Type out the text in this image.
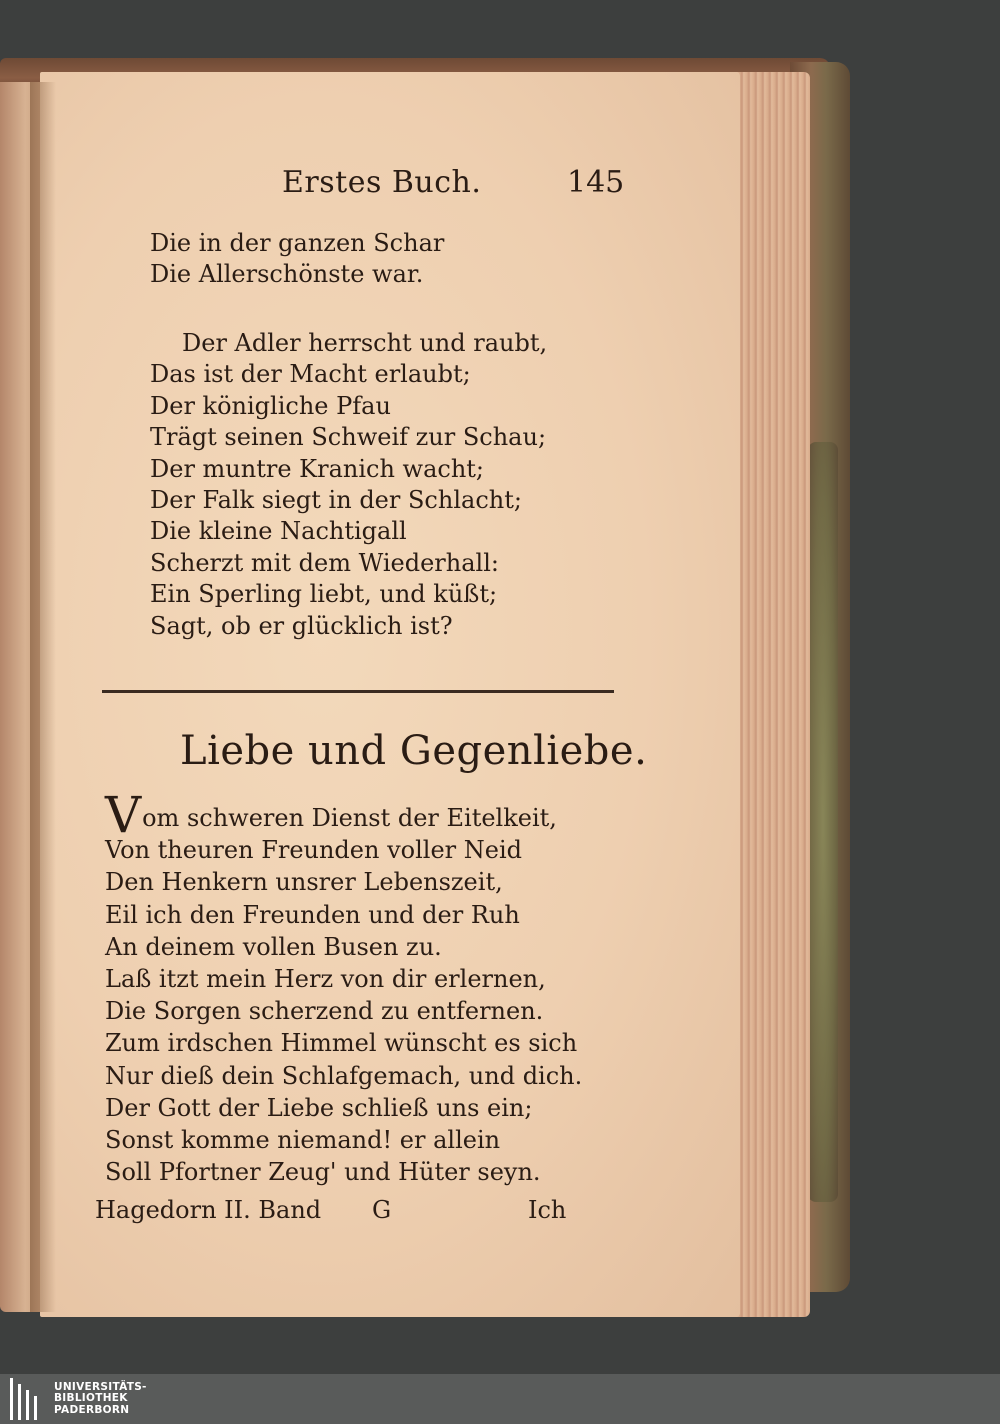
Erstes Buch.	145
Die in der ganzen Schar
Die Allerschönste war.
Der Adler herrscht und raubt,
Das ist der Macht erlaubt;
Der königliche Pfau
Trägt seinen Schweif zur Schau;
Der muntre Kranich wacht;
Der Falk siegt in der Schlacht;
Die kleine Nachtigall
Scherzt mit dem Wiederhall:
Ein Sperling liebt, und küßt;
Sagt, ob er glücklich ist?
Liebe und Gegenliebe.
Vom schweren Dienst der Eitelkeit,
Von theuren Freunden voller Neid
Den Henkern unsrer Lebenszeit,
Eil ich den Freunden und der Ruh
An deinem vollen Busen zu.
Laß itzt mein Herz von dir erlernen,
Die Sorgen scherzend zu entfernen.
Zum irdschen Himmel wünscht es sich
Nur dieß dein Schlafgemach, und dich.
Der Gott der Liebe schließ uns ein;
Sonst komme niemand! er allein
Soll Pfortner Zeug' und Hüter seyn.
Hagedorn II. Band G	Ich
UNIVERSITÄTS-
BIBLIOTHEK
PADERBORN
